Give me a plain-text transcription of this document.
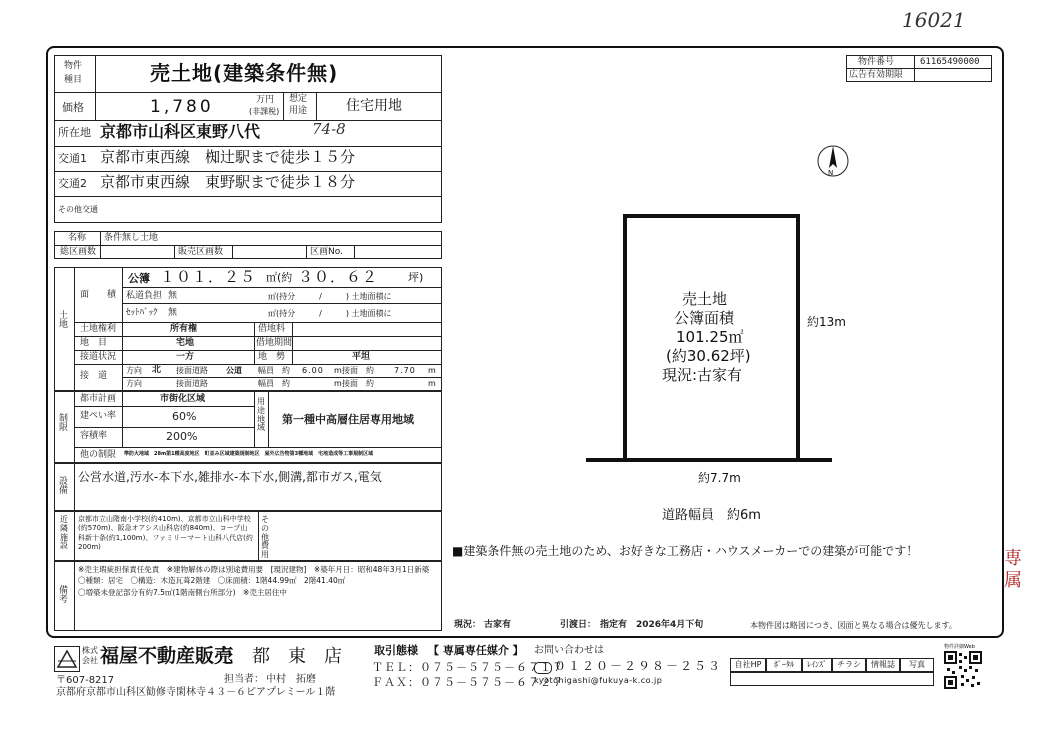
16021
物件番号	61165490000
広告有効期限
物件
種目	売土地(建築条件無)
価格	1,780	万円
(非課税)
想定
用途	住宅用地
所在地 京都市山科区東野八代	74-8
交通1 京都市東西線　椥辻駅まで徒歩１５分
交通2 京都市東西線　東野駅まで徒歩１８分
その他交通
名称 条件無し土地
総区画数	販売区画数	区画No.
土地
面　　積
公簿 １０１．２５ ㎡(約 ３０．６２	坪)
私道負担 無	㎡(持分　　　/　　　) 土地面積に
ｾｯﾄﾊﾞｯｸ 無	㎡(持分　　　/　　　) 土地面積に
土地権利	所有権	借地料
地　目	宅地	借地期間
接道状況	一方	地　勢	平坦
接　道
方向 北 接面道路 公道 幅員　約 6.00 m 接面　約	7.70 m
方向	接面道路	幅員　約	m 接面　約	m
制限
都市計画	市街化区域
建ぺい率	60%
容積率	200%
用途地域
第一種中高層住居専用地域
他の制限 準防火地域　28m第1種高度地区　町並み区域建築規制地区　屋外広告物第3種地域　宅地造成等工事規制区域
設備
公営水道,汚水-本下水,雑排水-本下水,側溝,都市ガス,電気
近隣施設
京都市立山階南小学校(約410m)、京都市立山科中学校(約570m)、阪急オアシス山科店(約840m)、コープ山科新十条(約1,100m)、ファミリーマート山科八代店(約200m)
その他費用
備考
※売主瑕疵担保責任免責　※建物解体の際は別途費用要　[現況建物]　※築年月日：昭和48年3月1日新築　〇種類：居宅　〇構造：木造瓦葺2階建　〇床面積：1階44.99㎡　2階41.40㎡
〇増築未登記部分有約7.5㎡(1階南側台所部分)　※売主居住中
N
売土地
公簿面積
101.25㎡
(約30.62坪)
現況:古家有
約13m
約7.7m
道路幅員　約6m
■建築条件無の売土地のため、お好きな工務店・ハウスメーカーでの建築が可能です！	専属
現況： 古家有	引渡日： 指定有　2026年4月下旬	本物件図は略図につき、図面と異なる場合は優先します。
株式会社 福屋不動産販売
京　都　東　店
〒607-8217
京都府京都市山科区勧修寺閑林寺４３－６ピアプレミール１階
担当者： 中村　拓磨
取引態様 【 専属専任媒介 】 お問い合わせは
ＴＥＬ：０７５－５７５－６７１７
ＦＡＸ：０７５－５７５－６７２７
０１２０－２９８－２５３
kyotohigashi@fukuya-k.co.jp
自社HP	ﾎﾟｰﾀﾙ	ﾚｲﾝｽﾞ	チラシ	情報誌	写真
物件詳細Web
